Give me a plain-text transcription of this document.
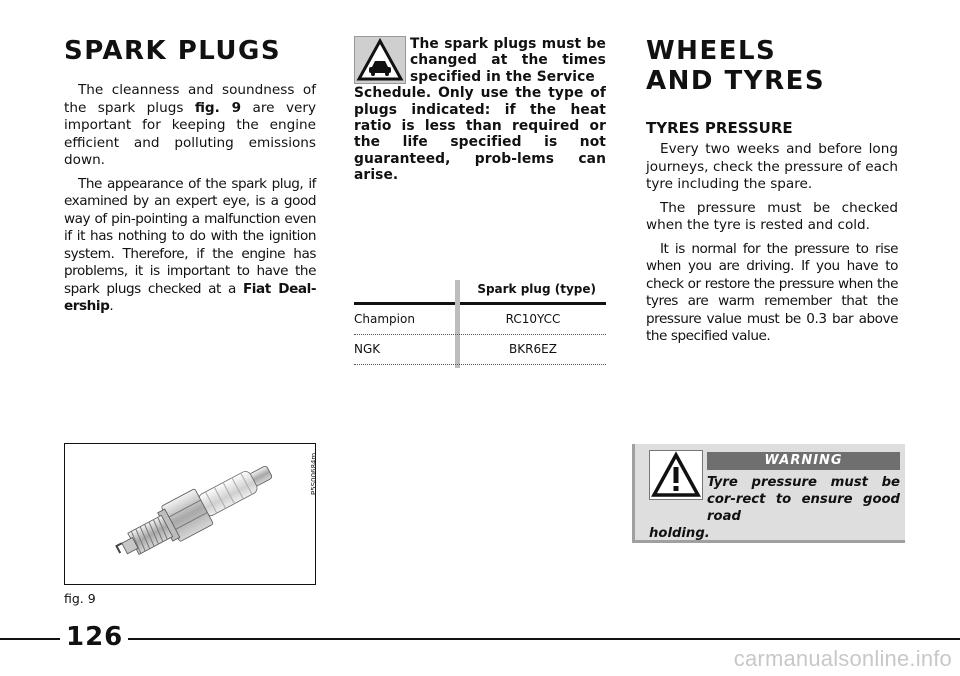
SPARK PLUGS

The cleanness and soundness of the spark plugs fig. 9 are very important for keeping the engine efficient and polluting emissions down.

The appearance of the spark plug, if examined by an expert eye, is a good way of pin-pointing a malfunction even if it has nothing to do with the ignition system. Therefore, if the engine has problems, it is important to have the spark plugs checked at a Fiat Deal-ership.

P5S00684m
fig. 9

The spark plugs must be changed at the times specified in the Service
Schedule. Only use the type of plugs indicated: if the heat ratio is less than required or the life specified is not guaranteed, prob-lems can arise.

Spark plug (type)
Champion	RC10YCC
NGK	BKR6EZ
WHEELS
AND TYRES
TYRES PRESSURE

Every two weeks and before long journeys, check the pressure of each tyre including the spare.

The pressure must be checked when the tyre is rested and cold.

It is normal for the pressure to rise when you are driving. If you have to check or restore the pressure when the tyres are warm remember that the pressure value must be 0.3 bar above the specified value.

WARNING

Tyre pressure must be cor-rect to ensure good road
holding.

126
carmanualsonline.info
